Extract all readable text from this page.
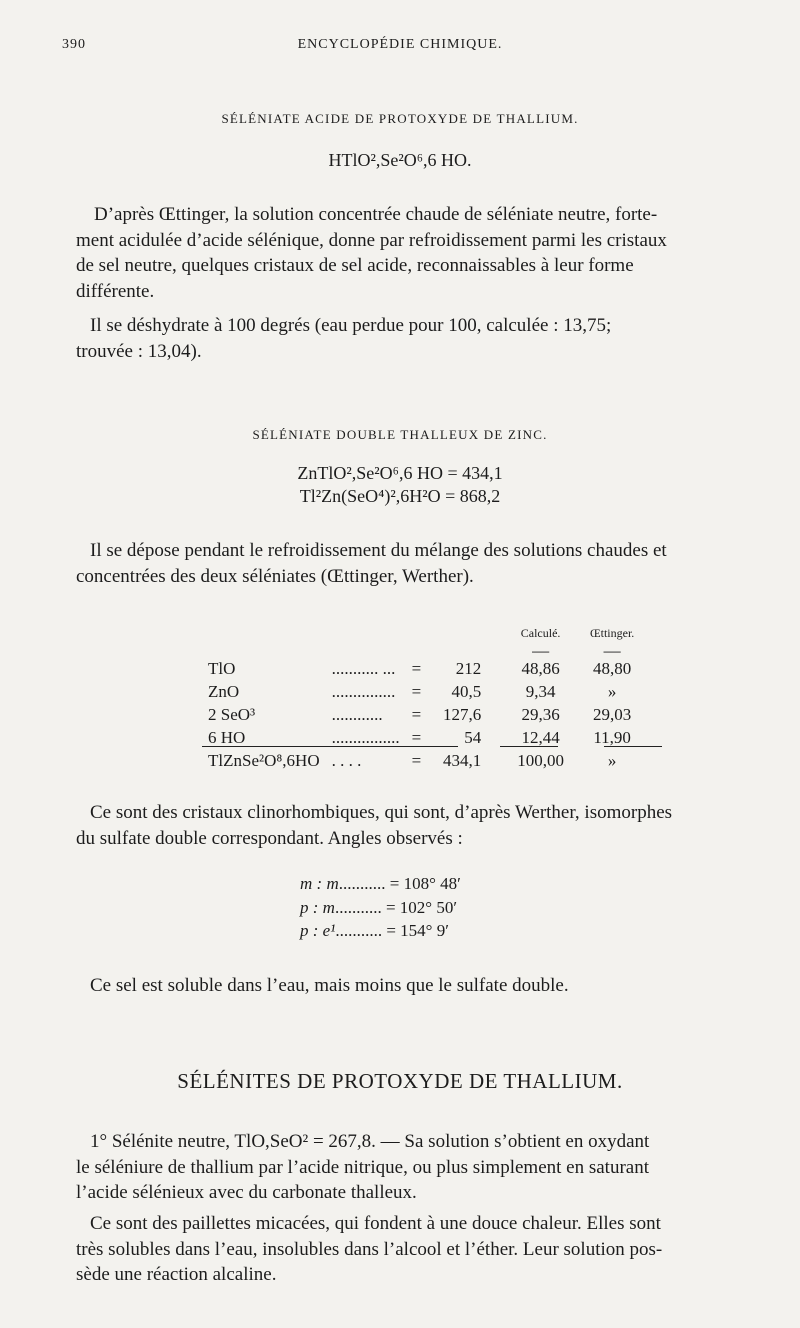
390	ENCYCLOPÉDIE CHIMIQUE.
SÉLÉNIATE ACIDE DE PROTOXYDE DE THALLIUM.
HTlO²,Se²O⁶,6 HO.
D’après Œttinger, la solution concentrée chaude de séléniate neutre, forte-
ment acidulée d’acide sélénique, donne par refroidissement parmi les cristaux
de sel neutre, quelques cristaux de sel acide, reconnaissables à leur forme
différente.
Il se déshydrate à 100 degrés (eau perdue pour 100, calculée : 13,75;
trouvée : 13,04).
SÉLÉNIATE DOUBLE THALLEUX DE ZINC.
ZnTlO²,Se²O⁶,6 HO = 434,1
Tl²Zn(SeO⁴)²,6H²O = 868,2
Il se dépose pendant le refroidissement du mélange des solutions chaudes et
concentrées des deux séléniates (Œttinger, Werther).
				Calculé.	Œttinger.
				—	—
TlO	........... ...	=	212	48,86	48,80
ZnO	...............	=	40,5	9,34	»
2 SeO³	............	=	127,6	29,36	29,03
6 HO	................	=	54	12,44	11,90
TlZnSe²O⁸,6HO	. . . .	=	434,1	100,00	»
Ce sont des cristaux clinorhombiques, qui sont, d’après Werther, isomorphes
du sulfate double correspondant. Angles observés :
m : m........... = 108° 48′
p : m........... = 102° 50′
p : e¹........... = 154° 9′
Ce sel est soluble dans l’eau, mais moins que le sulfate double.
SÉLÉNITES DE PROTOXYDE DE THALLIUM.
1° Sélénite neutre, TlO,SeO² = 267,8. — Sa solution s’obtient en oxydant
le séléniure de thallium par l’acide nitrique, ou plus simplement en saturant
l’acide sélénieux avec du carbonate thalleux.
Ce sont des paillettes micacées, qui fondent à une douce chaleur. Elles sont
très solubles dans l’eau, insolubles dans l’alcool et l’éther. Leur solution pos-
sède une réaction alcaline.
